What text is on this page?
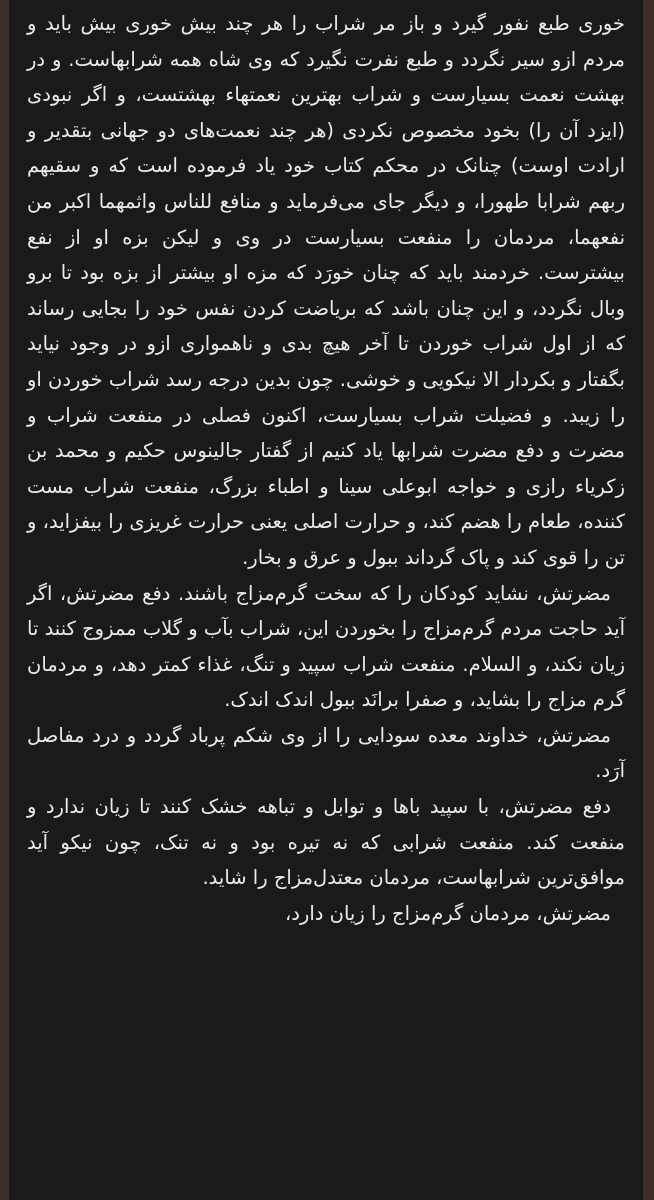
خوری طبع نفور گیرد و باز مر شراب را هر چند بیش خوری بیش باید و مردم ازو سیر نگردد و طبع نفرت نگیرد که وی شاه همه شرابهاست. و در بهشت نعمت بسیارست و شراب بهترین نعمتهاء بهشتست، و اگر نبودی (ایزد آن را) بخود مخصوص نکردی (هر چند نعمت‌های دو جهانی بتقدیر و ارادت اوست) چنانک در محکم کتاب خود یاد فرموده است که و سقیهم ربهم شرابا طهورا، و دیگر جای می‌فرماید و منافع للناس واثمهما اکبر من نفعهما، مردمان را منفعت بسیارست در وی و لیکن بزه او از نفع بیشترست. خردمند باید که چنان خورَد که مزه او بیشتر از بزه بود تا برو وبال نگردد، و این چنان باشد که بریاضت کردن نفس خود را بجایی رساند که از اول شراب خوردن تا آخر هیچ بدی و ناهمواری ازو در وجود نیاید بگفتار و بکردار الا نیکویی و خوشی. چون بدین درجه رسد شراب خوردن او را زیبد. و فضیلت شراب بسیارست، اکنون فصلی در منفعت شراب و مضرت و دفع مضرت شرابها یاد کنیم از گفتار جالینوس حکیم و محمد بن زکریاء رازی و خواجه ابوعلی سینا و اطباء بزرگ، منفعت شراب مست کننده، طعام را هضم کند، و حرارت اصلی یعنی حرارت غریزی را بیفزاید، و تن را قوی کند و پاک گرداند ببول و عرق و بخار.

مضرتش، نشاید کودکان را که سخت گرم‌مزاج باشند. دفع مضرتش، اگر آید حاجت مردم گرم‌مزاج را بخوردن این، شراب بآب و گلاب ممزوج کنند تا زیان نکند، و السلام. منفعت شراب سپید و تنگ، غذاء کمتر دهد، و مردمان گرم مزاج را بشاید، و صفرا برانَد ببول اندک اندک.

مضرتش، خداوند معده سودایی را از وی شکم پرباد گردد و درد مفاصل آرَد.

دفع مضرتش، با سپید باها و توابل و تباهه خشک کنند تا زیان ندارد و منفعت کند. منفعت شرابی که نه تیره بود و نه تنک، چون نیکو آید موافق‌ترین شرابهاست، مردمان معتدل‌مزاج را شاید.

مضرتش، مردمان گرم‌مزاج را زیان دارد،
